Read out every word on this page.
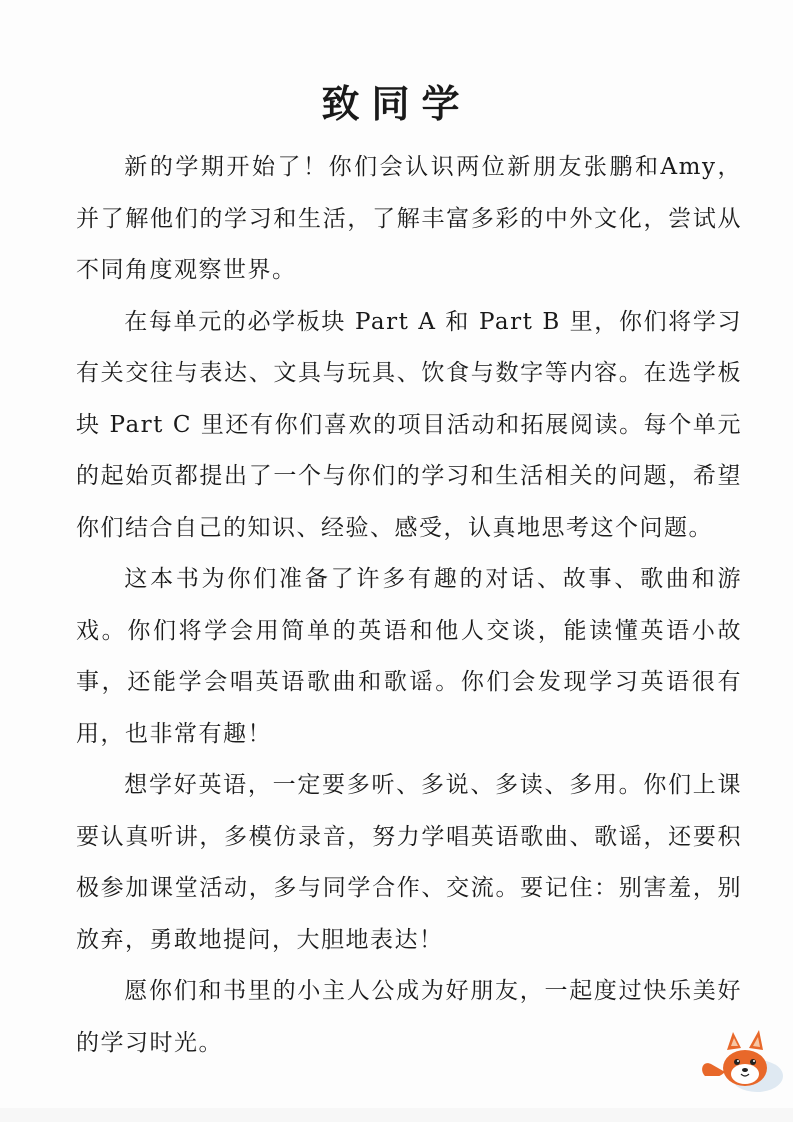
致同学

新的学期开始了！你们会认识两位新朋友张鹏和Amy，并了解他们的学习和生活，了解丰富多彩的中外文化，尝试从不同角度观察世界。

在每单元的必学板块 Part A 和 Part B 里，你们将学习有关交往与表达、文具与玩具、饮食与数字等内容。在选学板块 Part C 里还有你们喜欢的项目活动和拓展阅读。每个单元的起始页都提出了一个与你们的学习和生活相关的问题，希望你们结合自己的知识、经验、感受，认真地思考这个问题。

这本书为你们准备了许多有趣的对话、故事、歌曲和游戏。你们将学会用简单的英语和他人交谈，能读懂英语小故事，还能学会唱英语歌曲和歌谣。你们会发现学习英语很有用，也非常有趣！

想学好英语，一定要多听、多说、多读、多用。你们上课要认真听讲，多模仿录音，努力学唱英语歌曲、歌谣，还要积极参加课堂活动，多与同学合作、交流。要记住：别害羞，别放弃，勇敢地提问，大胆地表达！

愿你们和书里的小主人公成为好朋友，一起度过快乐美好的学习时光。
